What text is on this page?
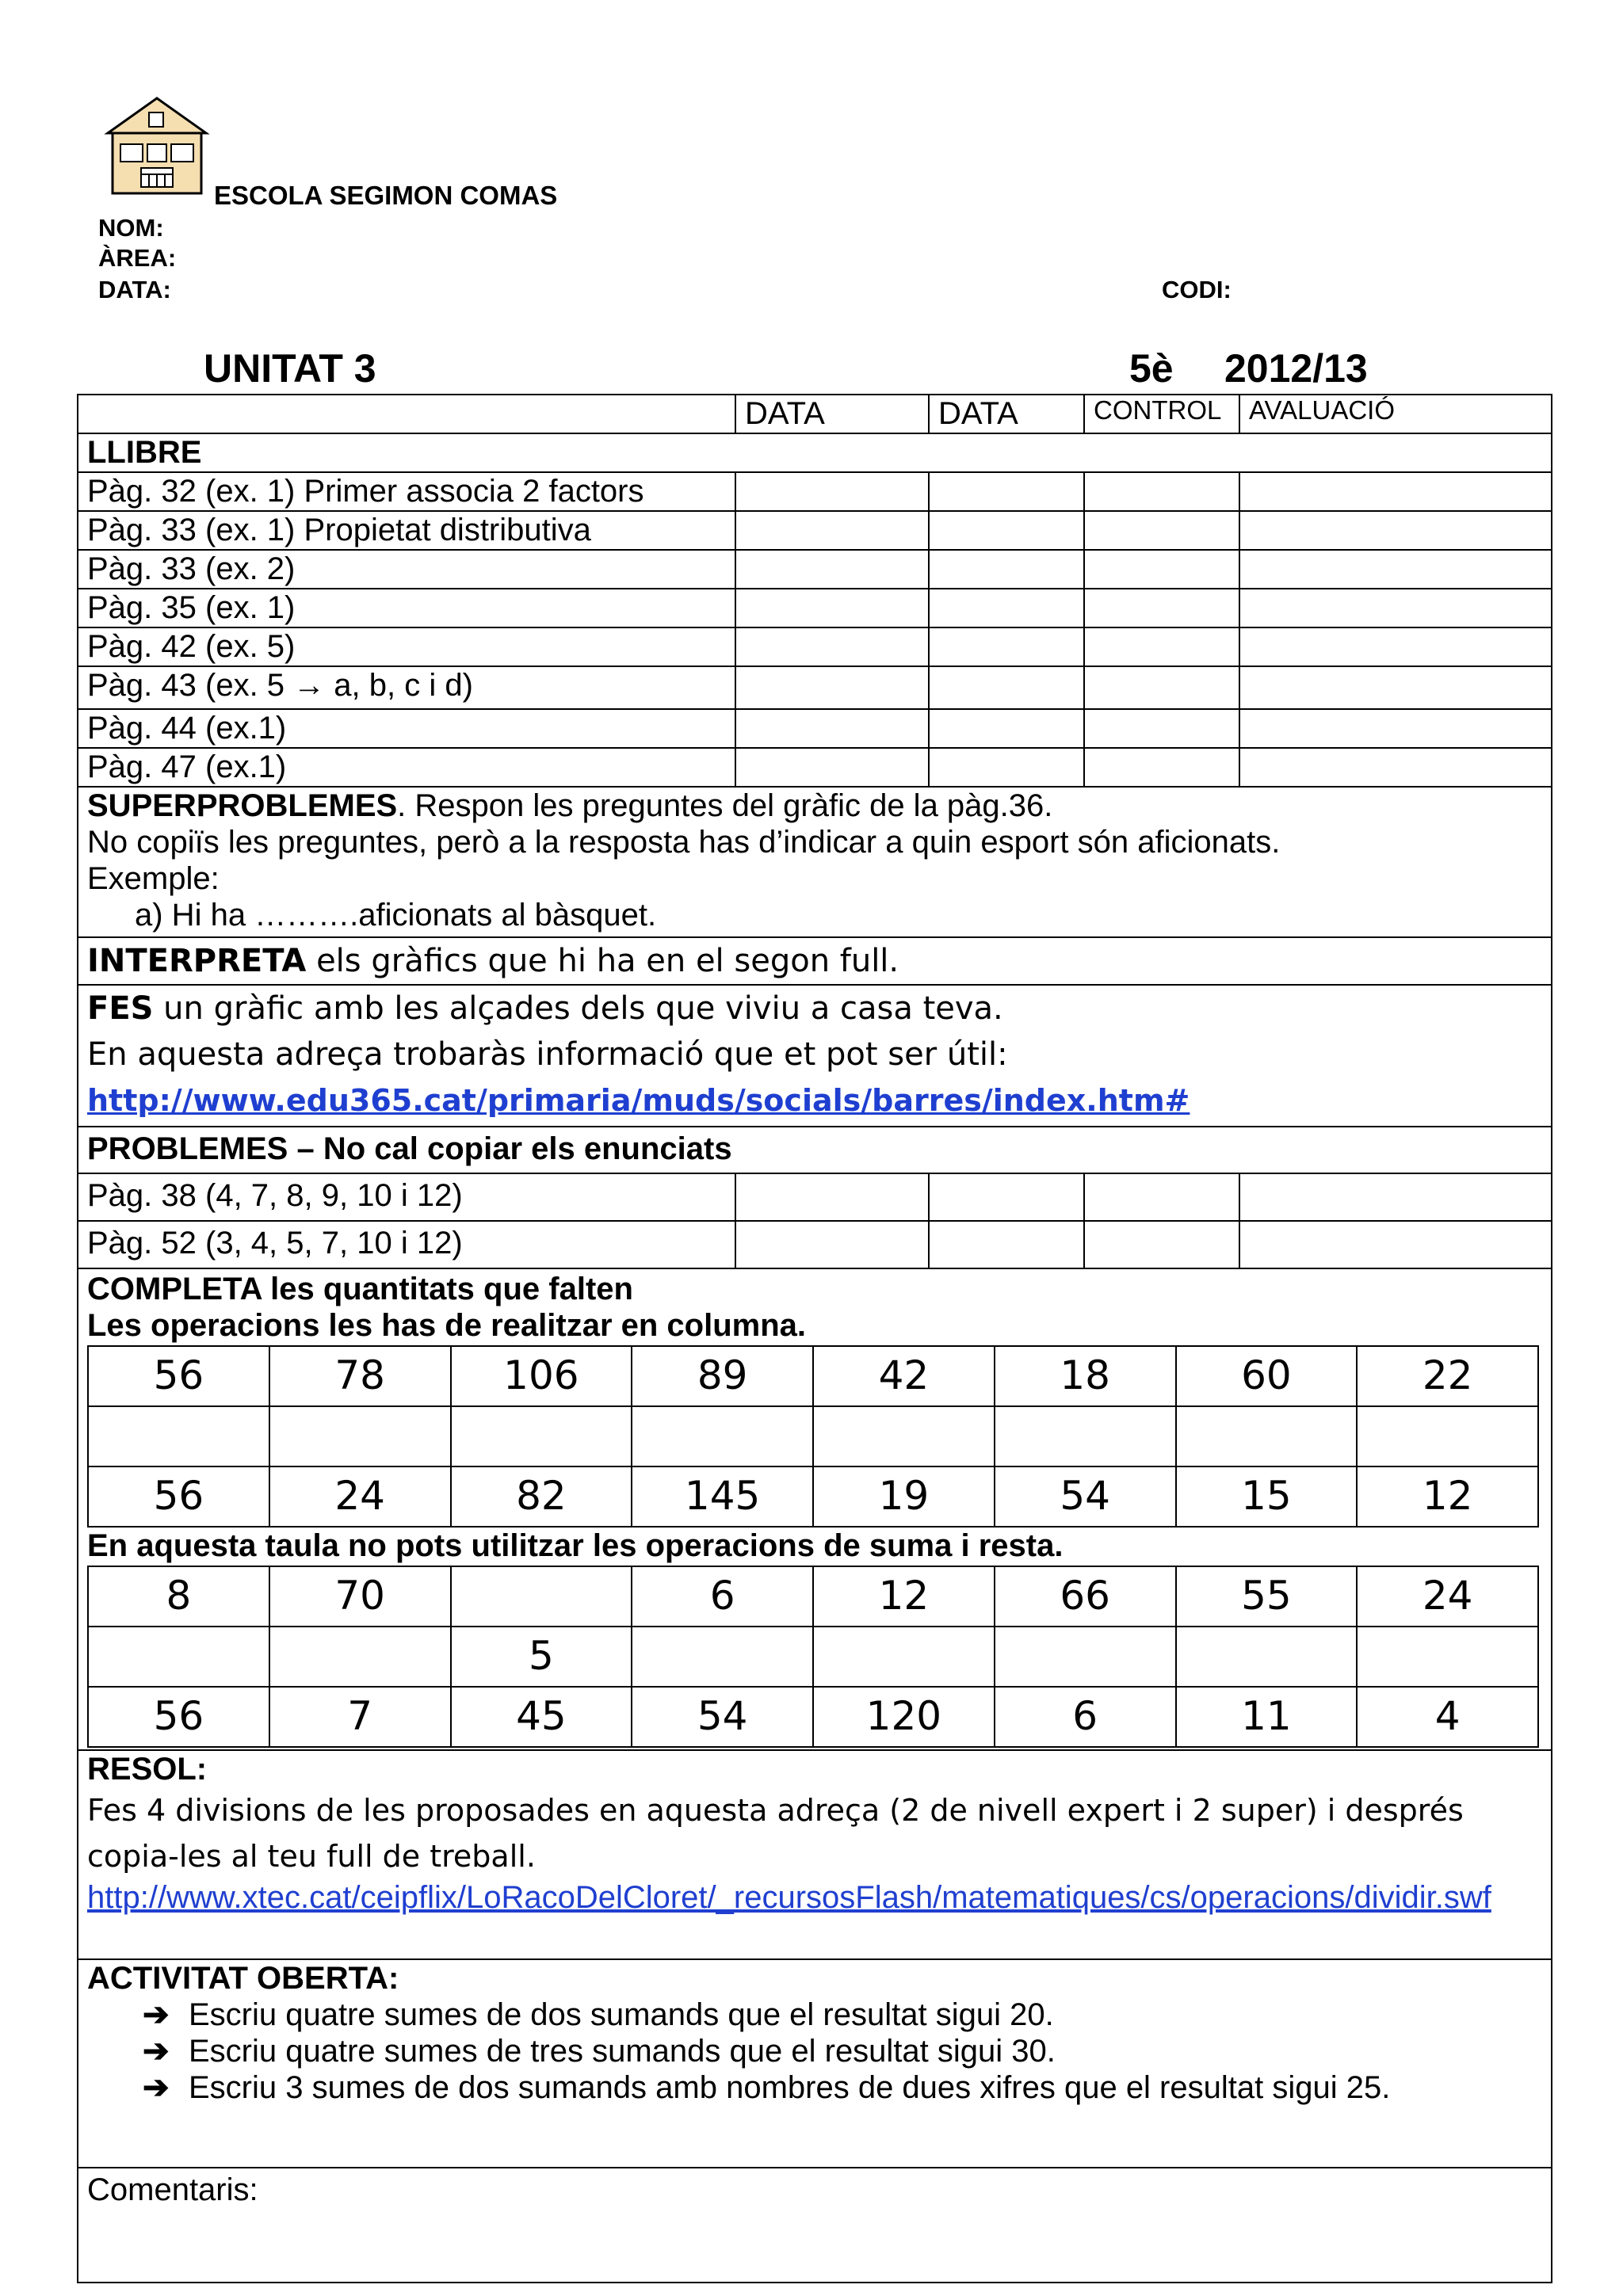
ESCOLA SEGIMON COMAS
NOM:
ÀREA:
DATA:	CODI:
UNITAT 3	5è 2012/13
	DATA	DATA	CONTROL	AVALUACIÓ
LLIBRE
Pàg. 32 (ex. 1) Primer associa 2 factors				
Pàg. 33 (ex. 1) Propietat distributiva				
Pàg. 33 (ex. 2)				
Pàg. 35 (ex. 1)				
Pàg. 42 (ex. 5)				
Pàg. 43 (ex. 5 → a, b, c i d)				
Pàg. 44 (ex.1)				
Pàg. 47 (ex.1)				

SUPERPROBLEMES. Respon les preguntes del gràfic de la pàg.36.
No copiïs les preguntes, però a la resposta has d’indicar a quin esport són aficionats.
Exemple:
a) Hi ha ……….aficionats al bàsquet.

INTERPRETA els gràfics que hi ha en el segon full.

FES un gràfic amb les alçades dels que viviu a casa teva.
En aquesta adreça trobaràs informació que et pot ser útil:
http://www.edu365.cat/primaria/muds/socials/barres/index.htm#

PROBLEMES – No cal copiar els enunciats
Pàg. 38 (4, 7, 8, 9, 10 i 12)				
Pàg. 52 (3, 4, 5, 7, 10 i 12)				

COMPLETA les quantitats que falten
Les operacions les has de realitzar en columna.
56	78	106	89	42	18	60	22

56	24	82	145	19	54	15	12
En aquesta taula no pots utilitzar les operacions de suma i resta.
8	70		6	12	66	55	24
		5					
56	7	45	54	120	6	11	4

RESOL:
Fes 4 divisions de les proposades en aquesta adreça (2 de nivell expert i 2 super) i després copia-les al teu full de treball.
http://www.xtec.cat/ceipflix/LoRacoDelCloret/_recursosFlash/matematiques/cs/operacions/dividir.swf

ACTIVITAT OBERTA:
➔ Escriu quatre sumes de dos sumands que el resultat sigui 20.
➔ Escriu quatre sumes de tres sumands que el resultat sigui 30.
➔ Escriu 3 sumes de dos sumands amb nombres de dues xifres que el resultat sigui 25.

Comentaris:
